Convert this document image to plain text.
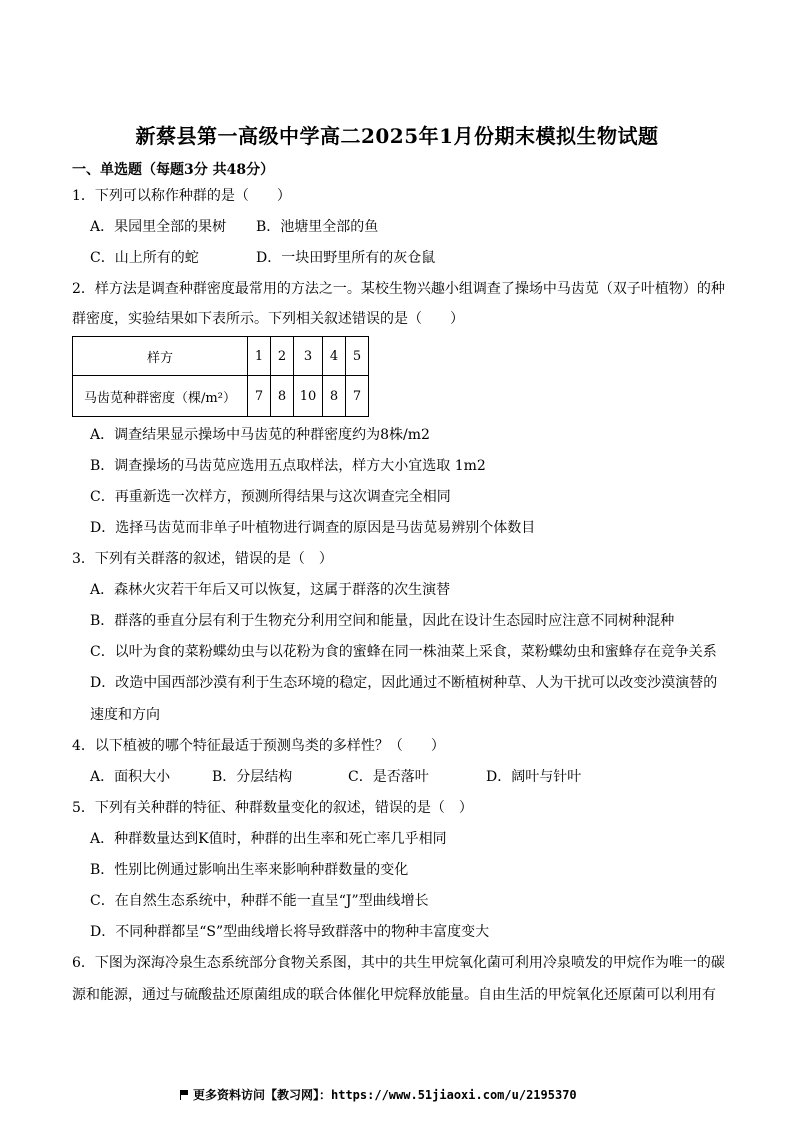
新蔡县第一高级中学高二2025年1月份期末模拟生物试题
一、单选题（每题3分 共48分）
1．下列可以称作种群的是（　　）
A．果园里全部的果树 B．池塘里全部的鱼
C．山上所有的蛇	D．一块田野里所有的灰仓鼠
2．样方法是调查种群密度最常用的方法之一。某校生物兴趣小组调查了操场中马齿苋（双子叶植物）的种
群密度，实验结果如下表所示。下列相关叙述错误的是（　　）
样方	1	2	3	4	5
马齿苋种群密度（棵/m²）	7	8	10	8	7
A．调查结果显示操场中马齿苋的种群密度约为8株/m2
B．调查操场的马齿苋应选用五点取样法，样方大小宜选取 1m2
C．再重新选一次样方，预测所得结果与这次调查完全相同
D．选择马齿苋而非单子叶植物进行调查的原因是马齿苋易辨别个体数目
3．下列有关群落的叙述，错误的是（　）
A．森林火灾若干年后又可以恢复，这属于群落的次生演替
B．群落的垂直分层有利于生物充分利用空间和能量，因此在设计生态园时应注意不同树种混种
C．以叶为食的菜粉蝶幼虫与以花粉为食的蜜蜂在同一株油菜上采食，菜粉蝶幼虫和蜜蜂存在竞争关系
D．改造中国西部沙漠有利于生态环境的稳定，因此通过不断植树种草、人为干扰可以改变沙漠演替的
速度和方向
4．以下植被的哪个特征最适于预测鸟类的多样性？（　　）
A．面积大小	B．分层结构	C．是否落叶	D．阔叶与针叶
5．下列有关种群的特征、种群数量变化的叙述，错误的是（　）
A．种群数量达到K值时，种群的出生率和死亡率几乎相同
B．性别比例通过影响出生率来影响种群数量的变化
C．在自然生态系统中，种群不能一直呈“J”型曲线增长
D．不同种群都呈“S”型曲线增长将导致群落中的物种丰富度变大
6．下图为深海冷泉生态系统部分食物关系图，其中的共生甲烷氧化菌可利用冷泉喷发的甲烷作为唯一的碳
源和能源，通过与硫酸盐还原菌组成的联合体催化甲烷释放能量。自由生活的甲烷氧化还原菌可以利用有
更多资料访问【教习网】：https://www.51jiaoxi.com/u/2195370
